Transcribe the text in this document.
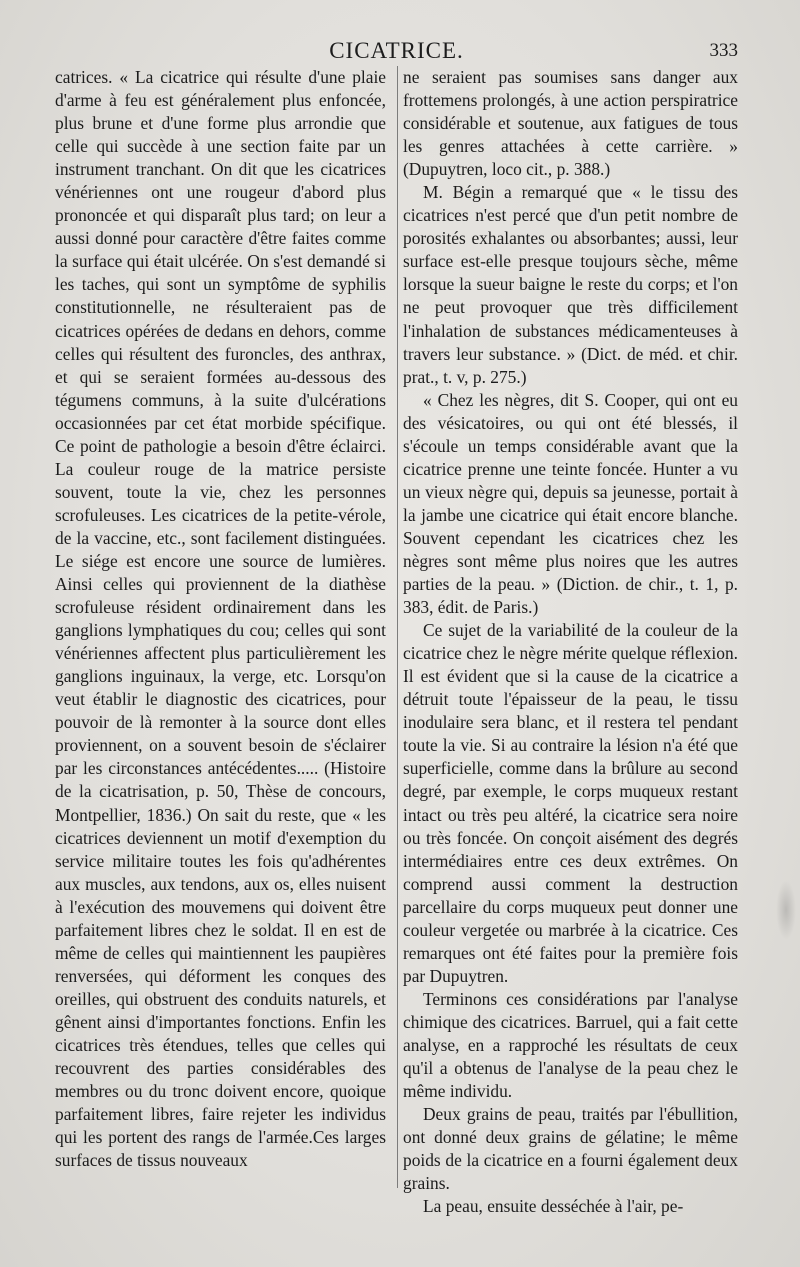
CICATRICE.	333

catrices. « La cicatrice qui résulte d'une plaie d'arme à feu est généralement plus enfoncée, plus brune et d'une forme plus arrondie que celle qui succède à une section faite par un instrument tranchant. On dit que les cicatrices vénériennes ont une rougeur d'abord plus prononcée et qui disparaît plus tard; on leur a aussi donné pour caractère d'être faites comme la surface qui était ulcérée. On s'est demandé si les taches, qui sont un symptôme de syphilis constitutionnelle, ne résulteraient pas de cicatrices opérées de dedans en dehors, comme celles qui résultent des furoncles, des anthrax, et qui se seraient formées au-dessous des tégumens communs, à la suite d'ulcérations occasionnées par cet état morbide spécifique. Ce point de pathologie a besoin d'être éclairci. La couleur rouge de la matrice persiste souvent, toute la vie, chez les personnes scrofuleuses. Les cicatrices de la petite-vérole, de la vaccine, etc., sont facilement distinguées. Le siége est encore une source de lumières. Ainsi celles qui proviennent de la diathèse scrofuleuse résident ordinairement dans les ganglions lymphatiques du cou; celles qui sont vénériennes affectent plus particulièrement les ganglions inguinaux, la verge, etc. Lorsqu'on veut établir le diagnostic des cicatrices, pour pouvoir de là remonter à la source dont elles proviennent, on a souvent besoin de s'éclairer par les circonstances antécédentes..... (Histoire de la cicatrisation, p. 50, Thèse de concours, Montpellier, 1836.) On sait du reste, que « les cicatrices deviennent un motif d'exemption du service militaire toutes les fois qu'adhérentes aux muscles, aux tendons, aux os, elles nuisent à l'exécution des mouvemens qui doivent être parfaitement libres chez le soldat. Il en est de même de celles qui maintiennent les paupières renversées, qui déforment les conques des oreilles, qui obstruent des conduits naturels, et gênent ainsi d'importantes fonctions. Enfin les cicatrices très étendues, telles que celles qui recouvrent des parties considérables des membres ou du tronc doivent encore, quoique parfaitement libres, faire rejeter les individus qui les portent des rangs de l'armée.Ces larges surfaces de tissus nouveaux

ne seraient pas soumises sans danger aux frottemens prolongés, à une action perspiratrice considérable et soutenue, aux fatigues de tous les genres attachées à cette carrière. » (Dupuytren, loco cit., p. 388.)

M. Bégin a remarqué que « le tissu des cicatrices n'est percé que d'un petit nombre de porosités exhalantes ou absorbantes; aussi, leur surface est-elle presque toujours sèche, même lorsque la sueur baigne le reste du corps; et l'on ne peut provoquer que très difficilement l'inhalation de substances médicamenteuses à travers leur substance. » (Dict. de méd. et chir. prat., t. v, p. 275.)

« Chez les nègres, dit S. Cooper, qui ont eu des vésicatoires, ou qui ont été blessés, il s'écoule un temps considérable avant que la cicatrice prenne une teinte foncée. Hunter a vu un vieux nègre qui, depuis sa jeunesse, portait à la jambe une cicatrice qui était encore blanche. Souvent cependant les cicatrices chez les nègres sont même plus noires que les autres parties de la peau. » (Diction. de chir., t. 1, p. 383, édit. de Paris.)

Ce sujet de la variabilité de la couleur de la cicatrice chez le nègre mérite quelque réflexion. Il est évident que si la cause de la cicatrice a détruit toute l'épaisseur de la peau, le tissu inodulaire sera blanc, et il restera tel pendant toute la vie. Si au contraire la lésion n'a été que superficielle, comme dans la brûlure au second degré, par exemple, le corps muqueux restant intact ou très peu altéré, la cicatrice sera noire ou très foncée. On conçoit aisément des degrés intermédiaires entre ces deux extrêmes. On comprend aussi comment la destruction parcellaire du corps muqueux peut donner une couleur vergetée ou marbrée à la cicatrice. Ces remarques ont été faites pour la première fois par Dupuytren.

Terminons ces considérations par l'analyse chimique des cicatrices. Barruel, qui a fait cette analyse, en a rapproché les résultats de ceux qu'il a obtenus de l'analyse de la peau chez le même individu.

Deux grains de peau, traités par l'ébullition, ont donné deux grains de gélatine; le même poids de la cicatrice en a fourni également deux grains.

La peau, ensuite desséchée à l'air, pe-
